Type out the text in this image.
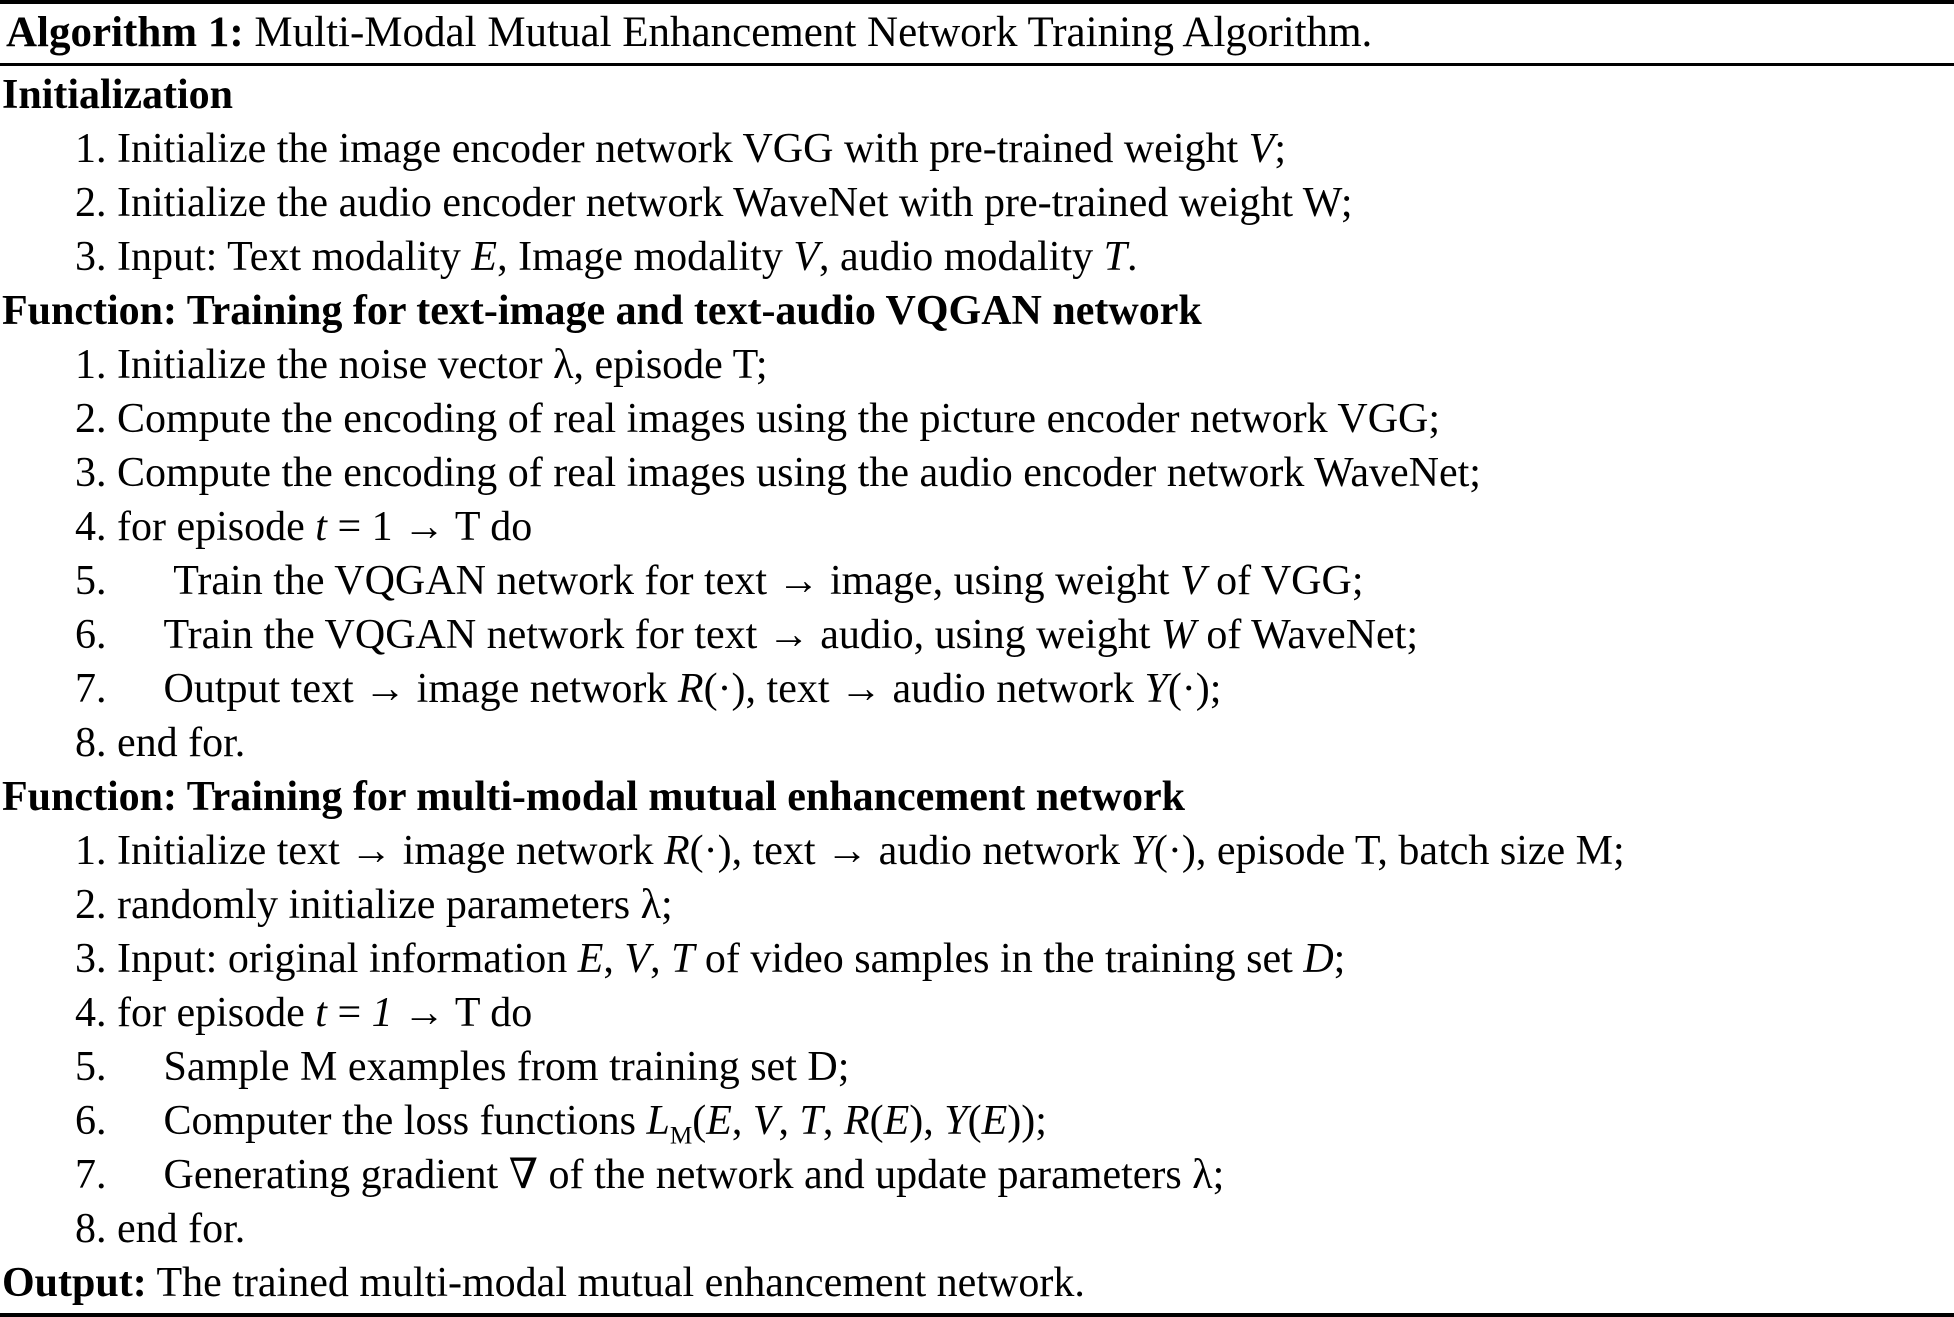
Algorithm 1: Multi-Modal Mutual Enhancement Network Training Algorithm.
Initialization
1. Initialize the image encoder network VGG with pre-trained weight V;
2. Initialize the audio encoder network WaveNet with pre-trained weight W;
3. Input: Text modality E, Image modality V, audio modality T.
Function: Training for text-image and text-audio VQGAN network
1. Initialize the noise vector λ, episode T;
2. Compute the encoding of real images using the picture encoder network VGG;
3. Compute the encoding of real images using the audio encoder network WaveNet;
4. for episode t = 1 → T do
5. Train the VQGAN network for text → image, using weight V of VGG;
6. Train the VQGAN network for text → audio, using weight W of WaveNet;
7. Output text → image network R(·), text → audio network Y(·);
8. end for.
Function: Training for multi-modal mutual enhancement network
1. Initialize text → image network R(·), text → audio network Y(·), episode T, batch size M;
2. randomly initialize parameters λ;
3. Input: original information E, V, T of video samples in the training set D;
4. for episode t = 1 → T do
5. Sample M examples from training set D;
6. Computer the loss functions $L_M(E$, V, T, R(E), Y(E));
7. Generating gradient ∇ of the network and update parameters λ;
8. end for.
Output: The trained multi-modal mutual enhancement network.
